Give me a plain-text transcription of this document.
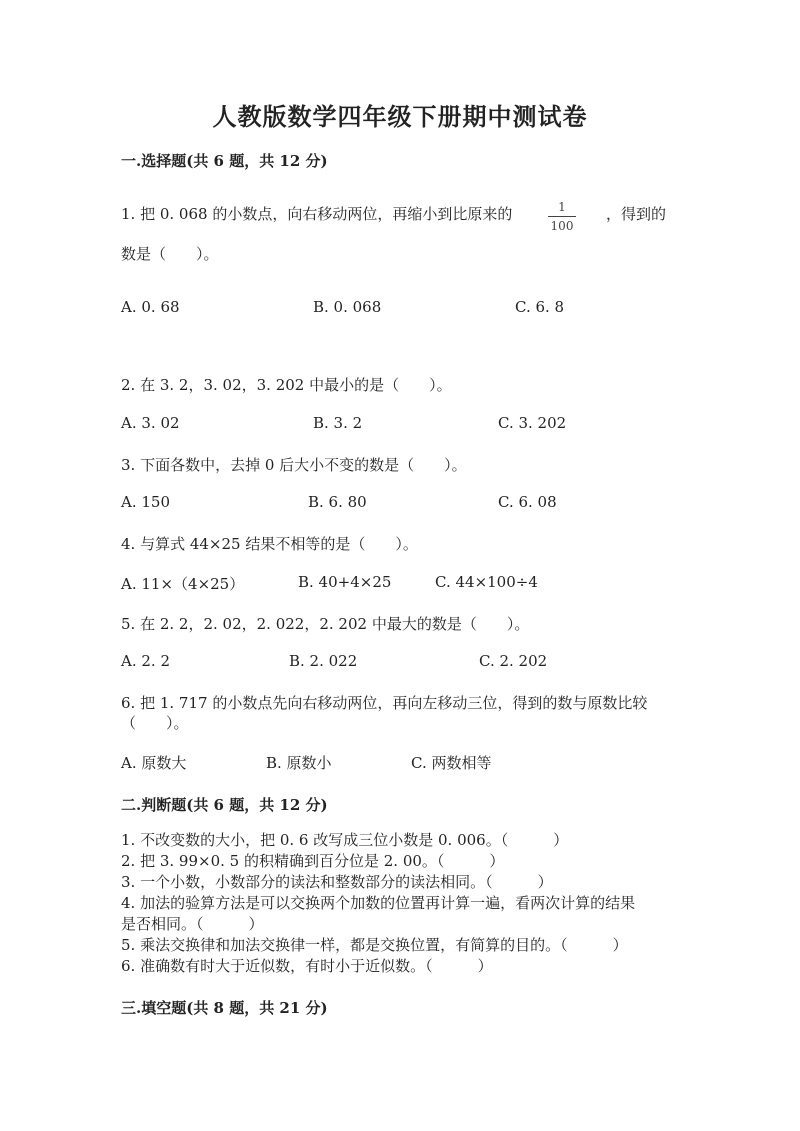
人教版数学四年级下册期中测试卷
一.选择题(共 6 题，共 12 分)
1. 把 0. 068 的小数点，向右移动两位，再缩小到比原来的	1
100
，得到的
数是（　　）。
A. 0. 68	B. 0. 068	C. 6. 8
2. 在 3. 2，3. 02，3. 202 中最小的是（　　）。
A. 3. 02	B. 3. 2	C. 3. 202
3. 下面各数中，去掉 0 后大小不变的数是（　　）。
A. 150	B. 6. 80	C. 6. 08
4. 与算式 44×25 结果不相等的是（　　）。
A. 11×（4×25）	B. 40+4×25	C. 44×100÷4
5. 在 2. 2，2. 02，2. 022，2. 202 中最大的数是（　　）。
A. 2. 2	B. 2. 022	C. 2. 202
6. 把 1. 717 的小数点先向右移动两位，再向左移动三位，得到的数与原数比较
（　　）。
A. 原数大	B. 原数小	C. 两数相等
二.判断题(共 6 题，共 12 分)
1. 不改变数的大小，把 0. 6 改写成三位小数是 0. 006。（　　　）
2. 把 3. 99×0. 5 的积精确到百分位是 2. 00。（　　　）
3. 一个小数，小数部分的读法和整数部分的读法相同。（　　　）
4. 加法的验算方法是可以交换两个加数的位置再计算一遍，看两次计算的结果
是否相同。（　　　）
5. 乘法交换律和加法交换律一样，都是交换位置，有简算的目的。（　　　）
6. 准确数有时大于近似数，有时小于近似数。（　　　）
三.填空题(共 8 题，共 21 分)
